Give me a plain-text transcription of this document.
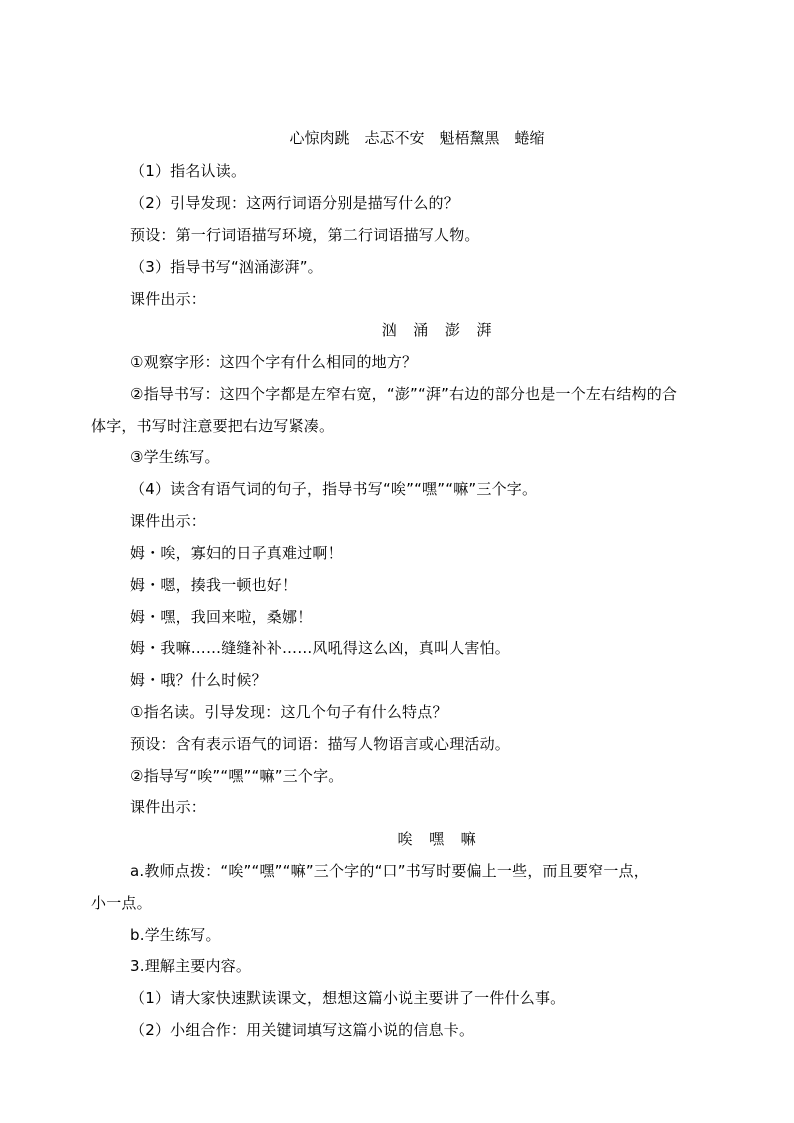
心惊肉跳　忐忑不安　魁梧黧黑　蜷缩
（1）指名认读。
（2）引导发现：这两行词语分别是描写什么的？
预设：第一行词语描写环境，第二行词语描写人物。
（3）指导书写“汹涌澎湃”。
课件出示：
汹　涌　澎　湃
①观察字形：这四个字有什么相同的地方？
②指导书写：这四个字都是左窄右宽，“澎”“湃”右边的部分也是一个左右结构的合
体字，书写时注意要把右边写紧凑。
③学生练写。
（4）读含有语气词的句子，指导书写“唉”“嘿”“嘛”三个字。
课件出示：
姆・唉，寡妇的日子真难过啊！
姆・嗯，揍我一顿也好！
姆・嘿，我回来啦，桑娜！
姆・我嘛……缝缝补补……风吼得这么凶，真叫人害怕。
姆・哦？什么时候？
①指名读。引导发现：这几个句子有什么特点？
预设：含有表示语气的词语：描写人物语言或心理活动。
②指导写“唉”“嘿”“嘛”三个字。
课件出示：
唉　嘿　嘛
a.教师点拨：“唉”“嘿”“嘛”三个字的“口”书写时要偏上一些，而且要窄一点，
小一点。
b.学生练写。
3.理解主要内容。
（1）请大家快速默读课文，想想这篇小说主要讲了一件什么事。
（2）小组合作：用关键词填写这篇小说的信息卡。
